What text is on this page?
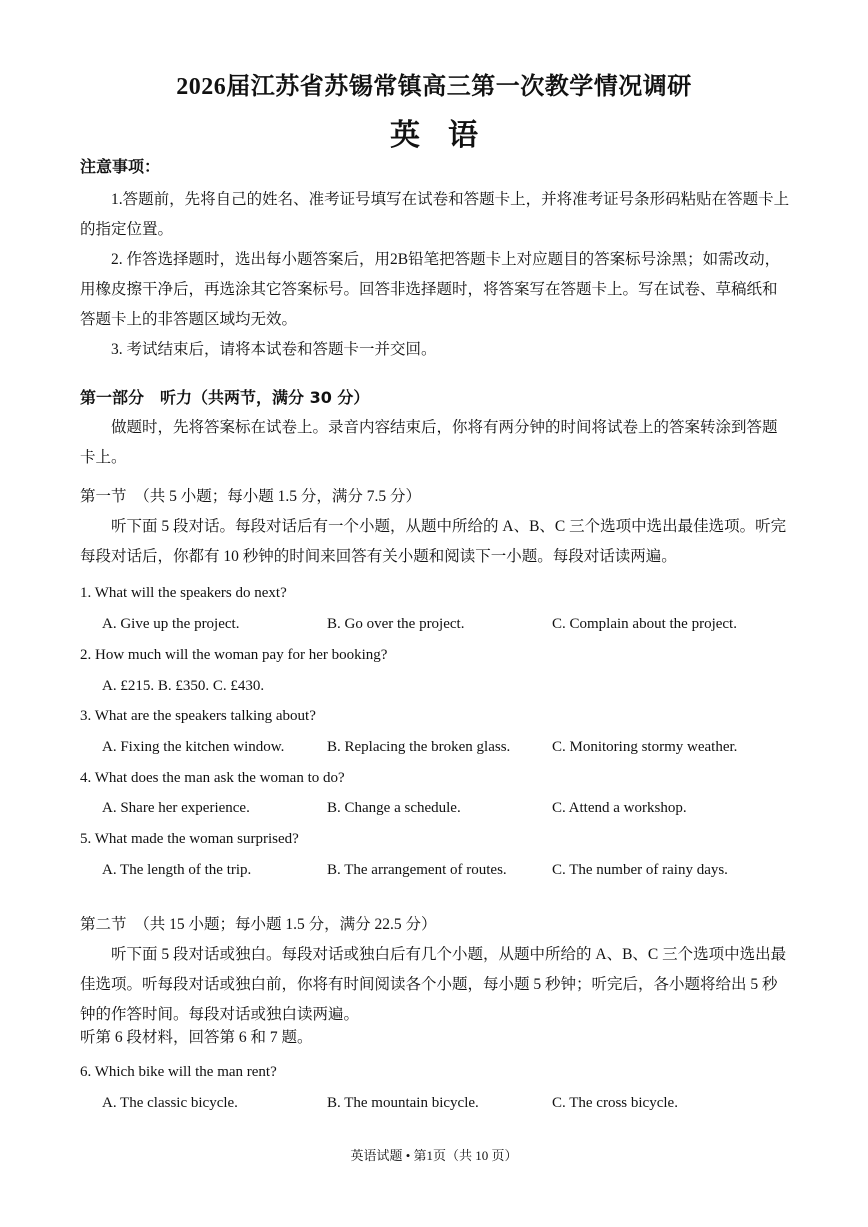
2026届江苏省苏锡常镇高三第一次教学情况调研
英语
注意事项：
1.答题前，先将自己的姓名、准考证号填写在试卷和答题卡上，并将准考证号条形码粘贴在答题卡上的指定位置。
2. 作答选择题时，选出每小题答案后，用2B铅笔把答题卡上对应题目的答案标号涂黑；如需改动，用橡皮擦干净后，再选涂其它答案标号。回答非选择题时，将答案写在答题卡上。写在试卷、草稿纸和答题卡上的非答题区域均无效。
3. 考试结束后，请将本试卷和答题卡一并交回。
第一部分　听力（共两节，满分 30 分）
做题时，先将答案标在试卷上。录音内容结束后，你将有两分钟的时间将试卷上的答案转涂到答题卡上。
第一节　（共 5 小题；每小题 1.5 分，满分 7.5 分）
听下面 5 段对话。每段对话后有一个小题，从题中所给的 A、B、C 三个选项中选出最佳选项。听完每段对话后，你都有 10 秒钟的时间来回答有关小题和阅读下一小题。每段对话读两遍。
1. What will the speakers do next?
A. Give up the project.	B. Go over the project.	C. Complain about the project.
2. How much will the woman pay for her booking?
A. £215. B. £350. C. £430.
3. What are the speakers talking about?
A. Fixing the kitchen window.	B. Replacing the broken glass.	C. Monitoring stormy weather.
4. What does the man ask the woman to do?
A. Share her experience.	B. Change a schedule.	C. Attend a workshop.
5. What made the woman surprised?
A. The length of the trip.	B. The arrangement of routes.	C. The number of rainy days.
第二节　（共 15 小题；每小题 1.5 分，满分 22.5 分）
听下面 5 段对话或独白。每段对话或独白后有几个小题，从题中所给的 A、B、C 三个选项中选出最佳选项。听每段对话或独白前，你将有时间阅读各个小题，每小题 5 秒钟；听完后，各小题将给出 5 秒钟的作答时间。每段对话或独白读两遍。
听第 6 段材料，回答第 6 和 7 题。
6. Which bike will the man rent?
A. The classic bicycle.	B. The mountain bicycle.	C. The cross bicycle.
英语试题 • 第1页（共 10 页）
